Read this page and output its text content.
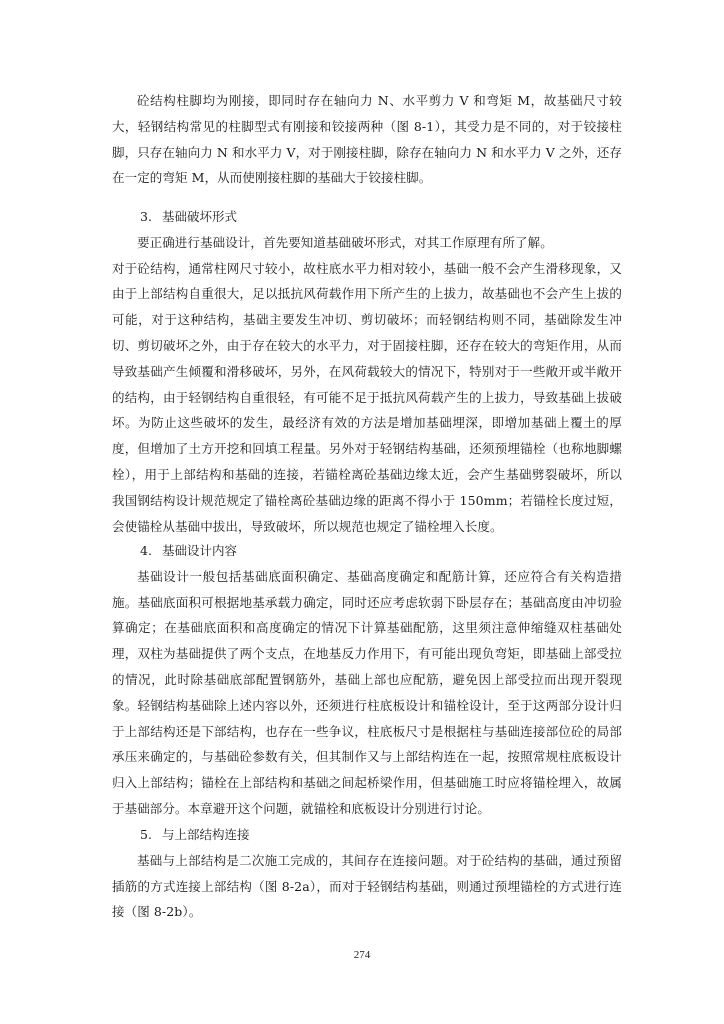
砼结构柱脚均为刚接，即同时存在轴向力 N、水平剪力 V 和弯矩 M，故基础尺寸较大，轻钢结构常见的柱脚型式有刚接和铰接两种（图 8-1），其受力是不同的，对于铰接柱脚，只存在轴向力 N 和水平力 V，对于刚接柱脚，除存在轴向力 N 和水平力 V 之外，还存在一定的弯矩 M，从而使刚接柱脚的基础大于铰接柱脚。

3. 基础破坏形式

要正确进行基础设计，首先要知道基础破坏形式，对其工作原理有所了解。

对于砼结构，通常柱网尺寸较小，故柱底水平力相对较小，基础一般不会产生滑移现象，又由于上部结构自重很大，足以抵抗风荷载作用下所产生的上拔力，故基础也不会产生上拔的可能，对于这种结构，基础主要发生冲切、剪切破坏；而轻钢结构则不同，基础除发生冲切、剪切破坏之外，由于存在较大的水平力，对于固接柱脚，还存在较大的弯矩作用，从而导致基础产生倾覆和滑移破坏，另外，在风荷载较大的情况下，特别对于一些敞开或半敞开的结构，由于轻钢结构自重很轻，有可能不足于抵抗风荷载产生的上拔力，导致基础上拔破坏。为防止这些破坏的发生，最经济有效的方法是增加基础埋深，即增加基础上覆土的厚度，但增加了土方开挖和回填工程量。另外对于轻钢结构基础，还须预埋锚栓（也称地脚螺栓），用于上部结构和基础的连接，若锚栓离砼基础边缘太近，会产生基础劈裂破坏，所以我国钢结构设计规范规定了锚栓离砼基础边缘的距离不得小于 150mm；若锚栓长度过短，会使锚栓从基础中拔出，导致破坏，所以规范也规定了锚栓埋入长度。

4. 基础设计内容

基础设计一般包括基础底面积确定、基础高度确定和配筋计算，还应符合有关构造措施。基础底面积可根据地基承载力确定，同时还应考虑软弱下卧层存在；基础高度由冲切验算确定；在基础底面积和高度确定的情况下计算基础配筋，这里须注意伸缩缝双柱基础处理，双柱为基础提供了两个支点，在地基反力作用下，有可能出现负弯矩，即基础上部受拉的情况，此时除基础底部配置钢筋外，基础上部也应配筋，避免因上部受拉而出现开裂现象。轻钢结构基础除上述内容以外，还须进行柱底板设计和锚栓设计，至于这两部分设计归于上部结构还是下部结构，也存在一些争议，柱底板尺寸是根据柱与基础连接部位砼的局部承压来确定的，与基础砼参数有关，但其制作又与上部结构连在一起，按照常规柱底板设计归入上部结构；锚栓在上部结构和基础之间起桥梁作用，但基础施工时应将锚栓埋入，故属于基础部分。本章避开这个问题，就锚栓和底板设计分别进行讨论。

5. 与上部结构连接

基础与上部结构是二次施工完成的，其间存在连接问题。对于砼结构的基础，通过预留插筋的方式连接上部结构（图 8-2a），而对于轻钢结构基础，则通过预埋锚栓的方式进行连接（图 8-2b）。

274
